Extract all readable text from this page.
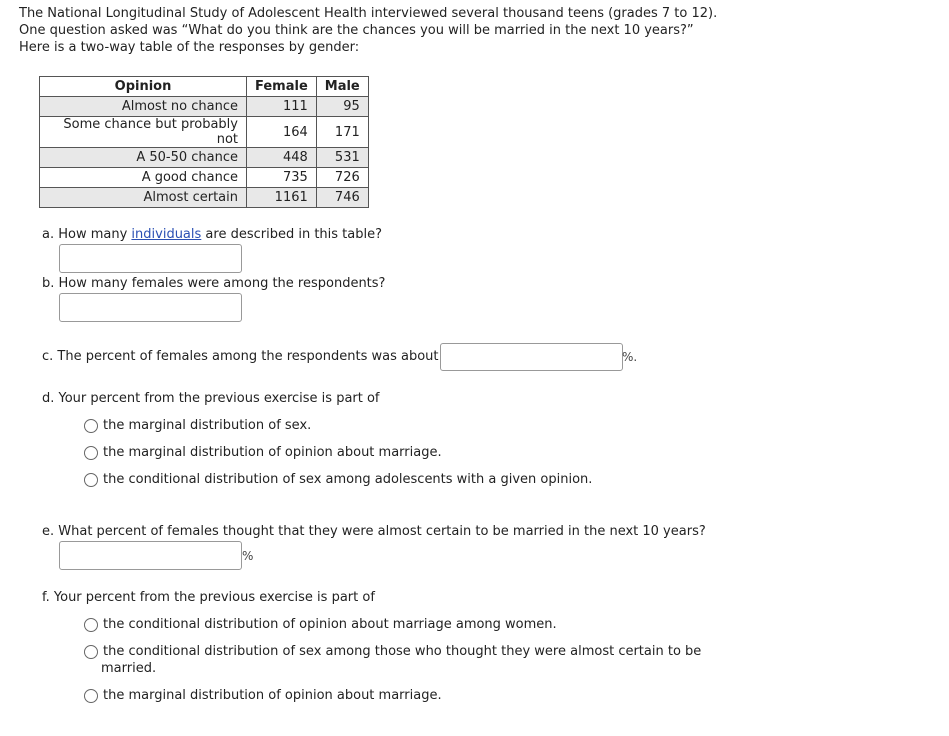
The National Longitudinal Study of Adolescent Health interviewed several thousand teens (grades 7 to 12).
One question asked was “What do you think are the chances you will be married in the next 10 years?”
Here is a two-way table of the responses by gender:
Opinion	Female	Male
Almost no chance	111	95
Some chance but probably not	164	171
A 50-50 chance	448	531
A good chance	735	726
Almost certain	1161	746
a. How many individuals are described in this table?
b. How many females were among the respondents?
c. The percent of females among the respondents was about	%.
d. Your percent from the previous exercise is part of
the marginal distribution of sex.
the marginal distribution of opinion about marriage.
the conditional distribution of sex among adolescents with a given opinion.
e. What percent of females thought that they were almost certain to be married in the next 10 years?
%
f. Your percent from the previous exercise is part of
the conditional distribution of opinion about marriage among women.
the conditional distribution of sex among those who thought they were almost certain to be
married.
the marginal distribution of opinion about marriage.
